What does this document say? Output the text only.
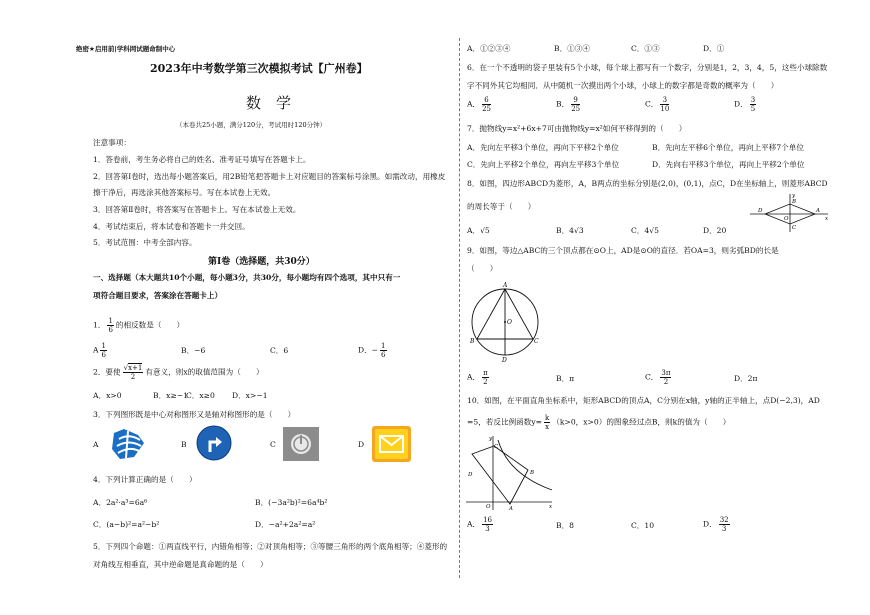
绝密★启用前|学科网试题命制中心
2023年中考数学第三次模拟考试【广州卷】
数　学
（本卷共25小题，满分120分，考试用时120分钟）
注意事项：
1．答卷前，考生务必将自己的姓名、准考证号填写在答题卡上。
2．回答第Ⅰ卷时，选出每小题答案后，用2B铅笔把答题卡上对应题目的答案标号涂黑。如需改动，用橡皮
擦干净后，再选涂其他答案标号。写在本试卷上无效。
3．回答第Ⅱ卷时，将答案写在答题卡上。写在本试卷上无效。
4．考试结束后，将本试卷和答题卡一并交回。
5．考试范围：中考全部内容。
第Ⅰ卷（选择题，共30分）
一、选择题（本大题共10个小题，每小题3分，共30分，每小题均有四个选项，其中只有一
项符合题目要求，答案涂在答题卡上）
1． $\frac{1}{6}$ 的相反数是（　　）
A $\frac{1}{6}$	B．−6	C．6	D．− $\frac{1}{6}$
2．要使 $\frac{√x+1}{2}$ 有意义，则x的取值范围为（　　）
A．x>0	B．x≥−1
C．x≥0 D．x>−1
3．下列图形既是中心对称图形又是轴对称图形的是（　　）
A	B	C	D
4．下列计算正确的是（　　）
A．2a²·a³=6a⁶	B．(−3a²b)²=6a⁴b²
C．(a−b)²=a²−b²	D．−a²+2a²=a²
5．下列四个命题：①两直线平行，内错角相等；②对顶角相等；③等腰三角形的两个底角相等；④菱形的
对角线互相垂直，其中逆命题是真命题的是（　　）
A．①②③④	B．①③④	C．①③	D．①
6．在一个不透明的袋子里装有5个小球，每个球上都写有一个数字，分别是1，2，3，4，5，这些小球除数
字不同外其它均相同．从中随机一次摸出两个小球，小球上的数字都是奇数的概率为（　　）
A． $\frac{6}{25}$	B． $\frac{9}{25}$	C． $\frac{3}{10}$	D． $\frac{3}{5}$
7．抛物线y=x²+6x+7可由抛物线y=x²如何平移得到的（　　）
A．先向左平移3个单位，再向下平移2个单位	B．先向左平移6个单位，再向上平移7个单位
C．先向上平移2个单位，再向左平移3个单位	D．先向右平移3个单位，再向上平移2个单位
8．如图，四边形ABCD为菱形，A，B两点的坐标分别是(2,0)，(0,1)，点C，D在坐标轴上，则菱形ABCD
的周长等于（　　）
A．√5	B．4√3	C．4√5	D．20
D	A
B
C
O	x
y
9．如图，等边△ABC的三个顶点都在⊙O上，AD是⊙O的直径．若OA=3，则劣弧BD的长是
（　　）
A
B	C
D
O
A． $\frac{\pi}{2}$	B．π	C． $\frac{3\pi}{2}$	D．2π
10．如图，在平面直角坐标系中，矩形ABCD的顶点A，C分别在x轴，y轴的正半轴上，点D(−2,3)，AD
=5，若反比例函数$y= \frac{k}{x} (k>0$，x>0）的图象经过点B，则k的值为（　　）
y
C
D	B
O	A	x
A． $\frac{16}{3}$	B．8	C．10	D． $\frac{32}{3}$
